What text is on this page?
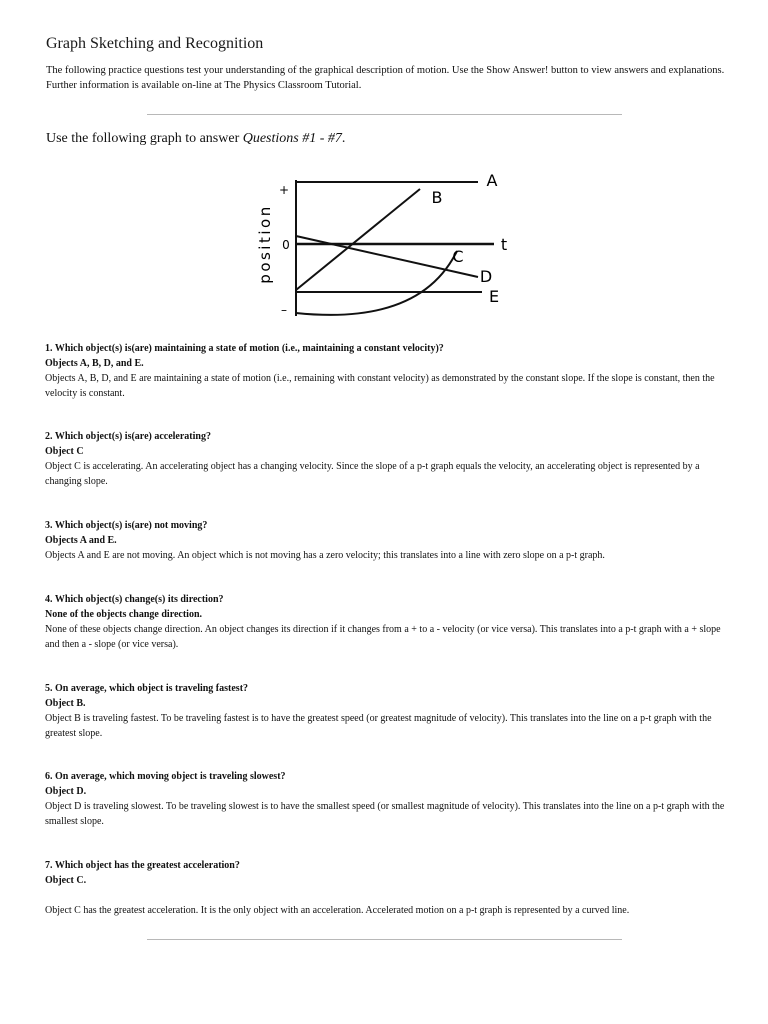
Graph Sketching and Recognition

The following practice questions test your understanding of the graphical description of motion. Use the Show Answer! button to view answers and explanations. Further information is available on-line at The Physics Classroom Tutorial.

Use the following graph to answer Questions #1 - #7.

position
+
0
–
t
A
B
C
D
E

1. Which object(s) is(are) maintaining a state of motion (i.e., maintaining a constant velocity)?

Objects A, B, D, and E.

Objects A, B, D, and E are maintaining a state of motion (i.e., remaining with constant velocity) as demonstrated by the constant slope. If the slope is constant, then the velocity is constant.

2. Which object(s) is(are) accelerating?

Object C

Object C is accelerating. An accelerating object has a changing velocity. Since the slope of a p-t graph equals the velocity, an accelerating object is represented by a changing slope.

3. Which object(s) is(are) not moving?

Objects A and E.

Objects A and E are not moving. An object which is not moving has a zero velocity; this translates into a line with zero slope on a p-t graph.

4. Which object(s) change(s) its direction?

None of the objects change direction.

None of these objects change direction. An object changes its direction if it changes from a + to a - velocity (or vice versa). This translates into a p-t graph with a + slope and then a - slope (or vice versa).

5. On average, which object is traveling fastest?

Object B.

Object B is traveling fastest. To be traveling fastest is to have the greatest speed (or greatest magnitude of velocity). This translates into the line on a p-t graph with the greatest slope.

6. On average, which moving object is traveling slowest?

Object D.

Object D is traveling slowest. To be traveling slowest is to have the smallest speed (or smallest magnitude of velocity). This translates into the line on a p-t graph with the smallest slope.

7. Which object has the greatest acceleration?

Object C.

Object C has the greatest acceleration. It is the only object with an acceleration. Accelerated motion on a p-t graph is represented by a curved line.
